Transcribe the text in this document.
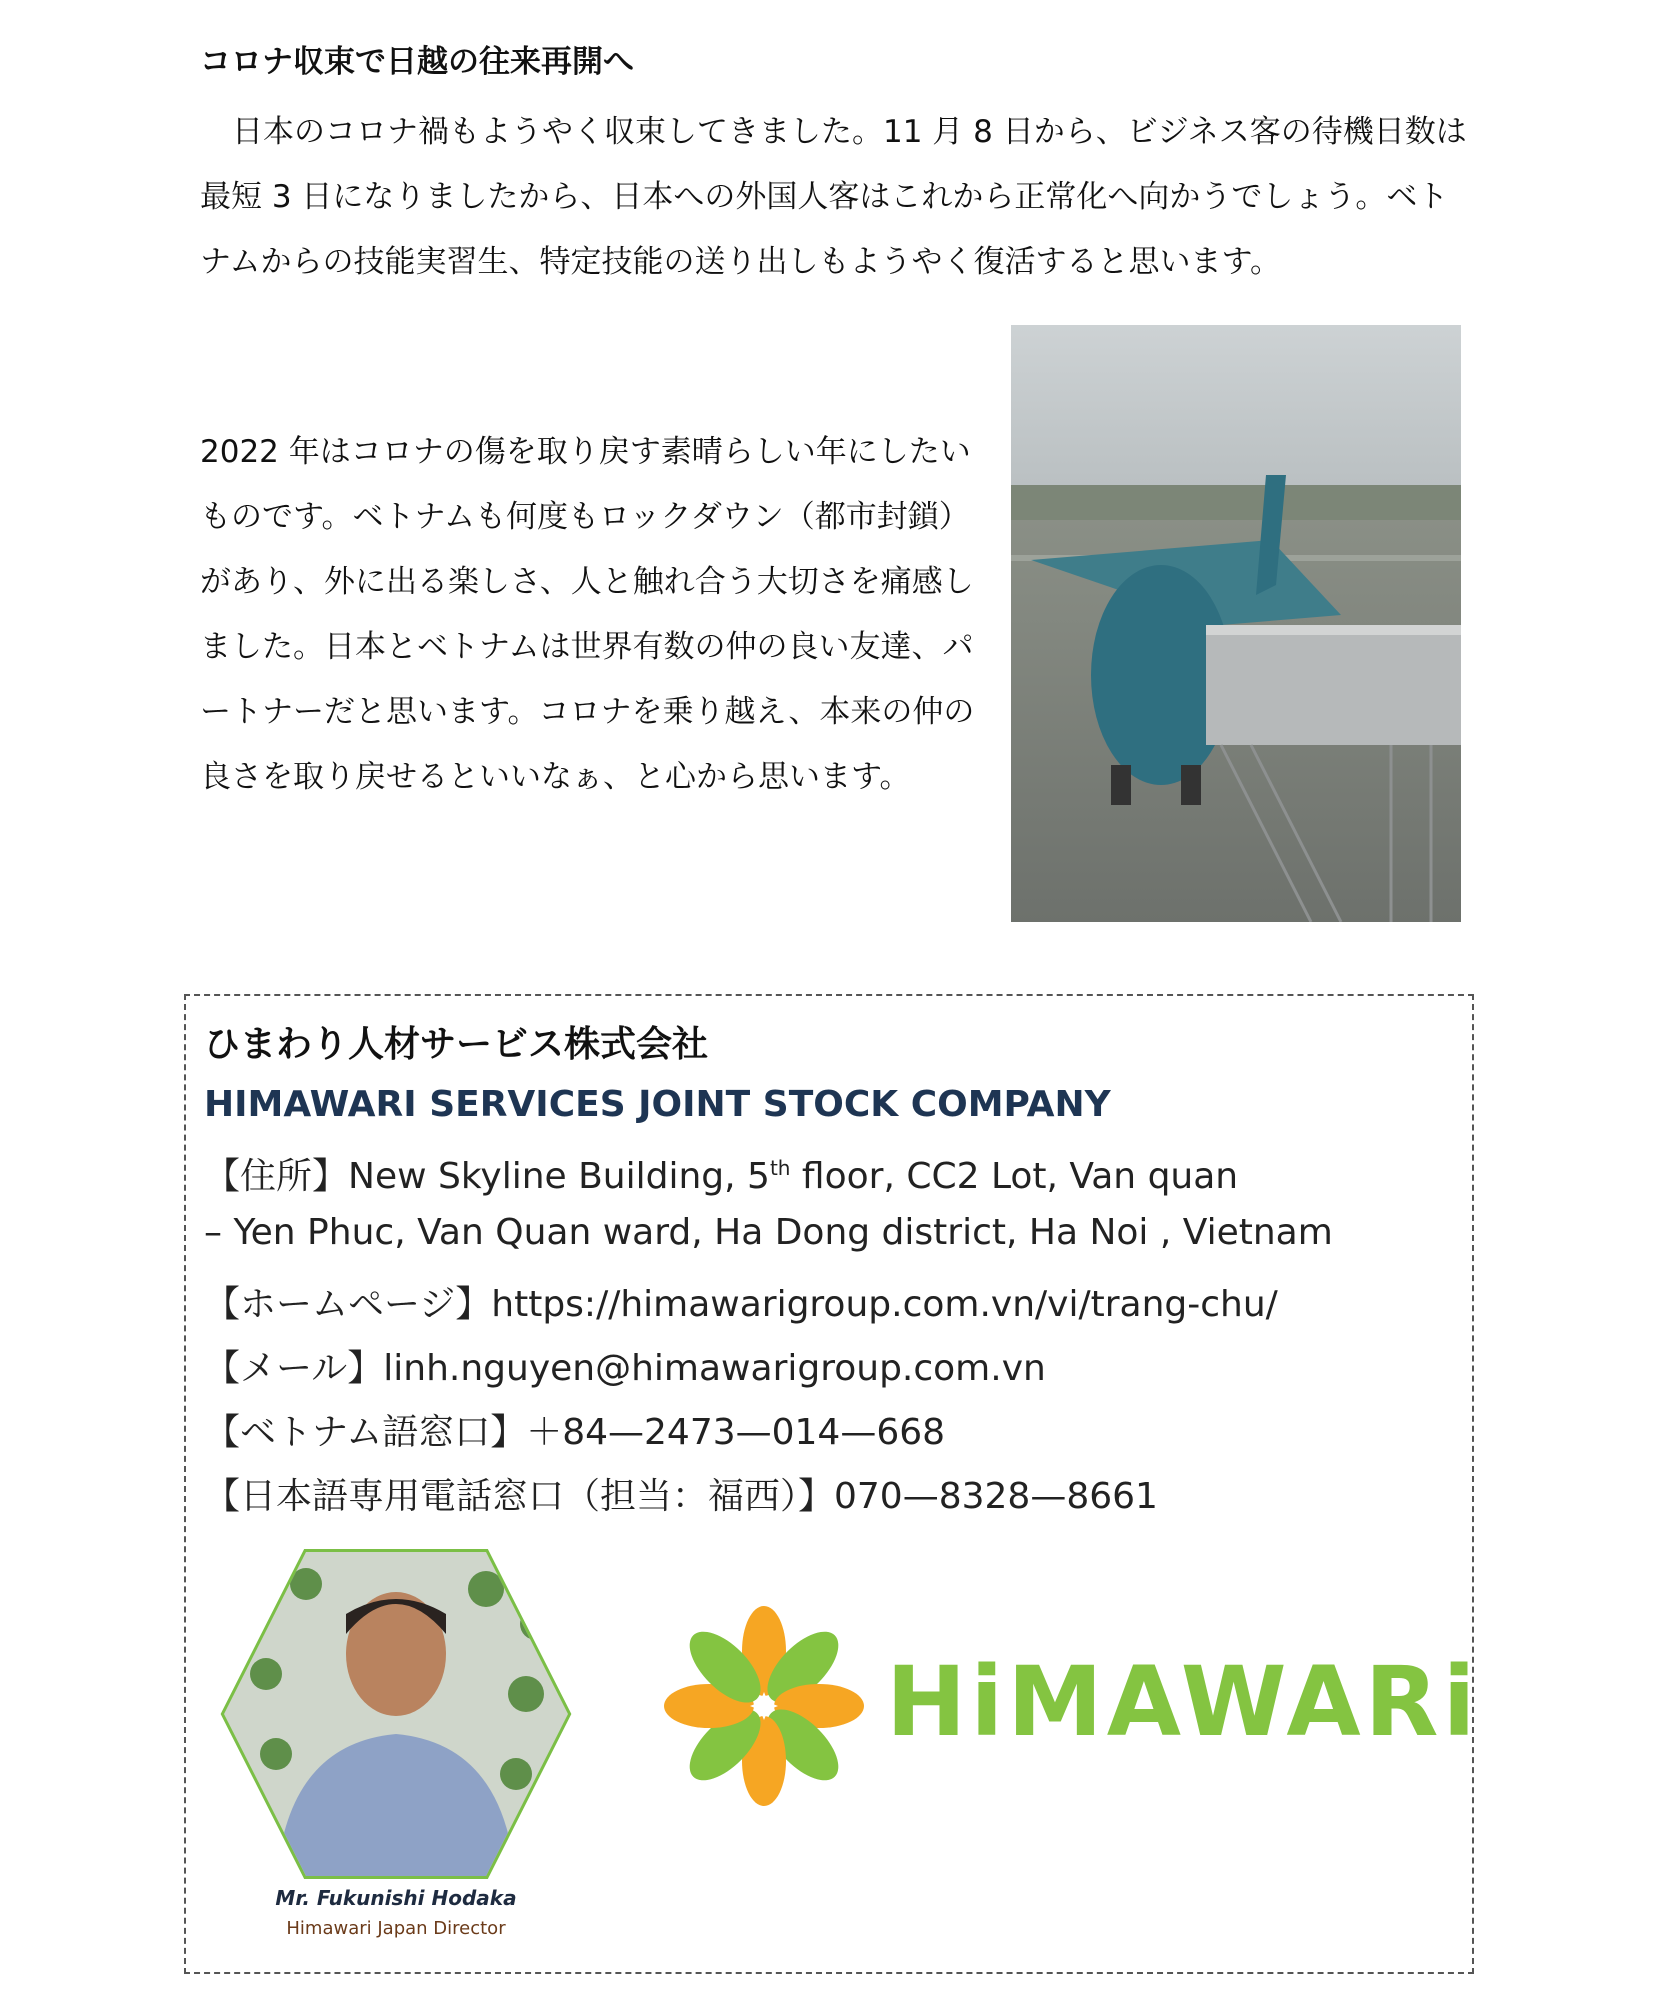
コロナ収束で日越の往来再開へ

日本のコロナ禍もようやく収束してきました。11 月 8 日から、ビジネス客の待機日数は最短 3 日になりましたから、日本への外国人客はこれから正常化へ向かうでしょう。ベトナムからの技能実習生、特定技能の送り出しもようやく復活すると思います。

2022 年はコロナの傷を取り戻す素晴らしい年にしたいものです。ベトナムも何度もロックダウン（都市封鎖）があり、外に出る楽しさ、人と触れ合う大切さを痛感しました。日本とベトナムは世界有数の仲の良い友達、パートナーだと思います。コロナを乗り越え、本来の仲の良さを取り戻せるといいなぁ、と心から思います。

ひまわり人材サービス株式会社
HIMAWARI SERVICES JOINT STOCK COMPANY
【住所】New Skyline Building, 5th floor, CC2 Lot, Van quan
– Yen Phuc, Van Quan ward, Ha Dong district, Ha Noi , Vietnam
【ホームページ】https://himawarigroup.com.vn/vi/trang-chu/
【メール】linh.nguyen@himawarigroup.com.vn
【ベトナム語窓口】＋84—2473—014—668
【日本語専用電話窓口（担当：福西）】070—8328—8661
Mr. Fukunishi Hodaka
Himawari Japan Director
HiMAWARi
